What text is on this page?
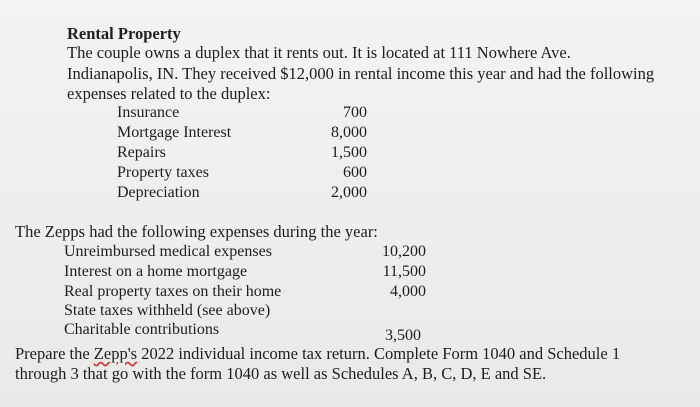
Rental Property
The couple owns a duplex that it rents out. It is located at 111 Nowhere Ave.
Indianapolis, IN. They received $12,000 in rental income this year and had the following
expenses related to the duplex:
Insurance	700
Mortgage Interest	8,000
Repairs	1,500
Property taxes	600
Depreciation	2,000
The Zepps had the following expenses during the year:
Unreimbursed medical expenses	10,200
Interest on a home mortgage	11,500
Real property taxes on their home	4,000
State taxes withheld (see above)
Charitable contributions	3,500
Prepare the Zepp's 2022 individual income tax return. Complete Form 1040 and Schedule 1
through 3 that go with the form 1040 as well as Schedules A, B, C, D, E and SE.
